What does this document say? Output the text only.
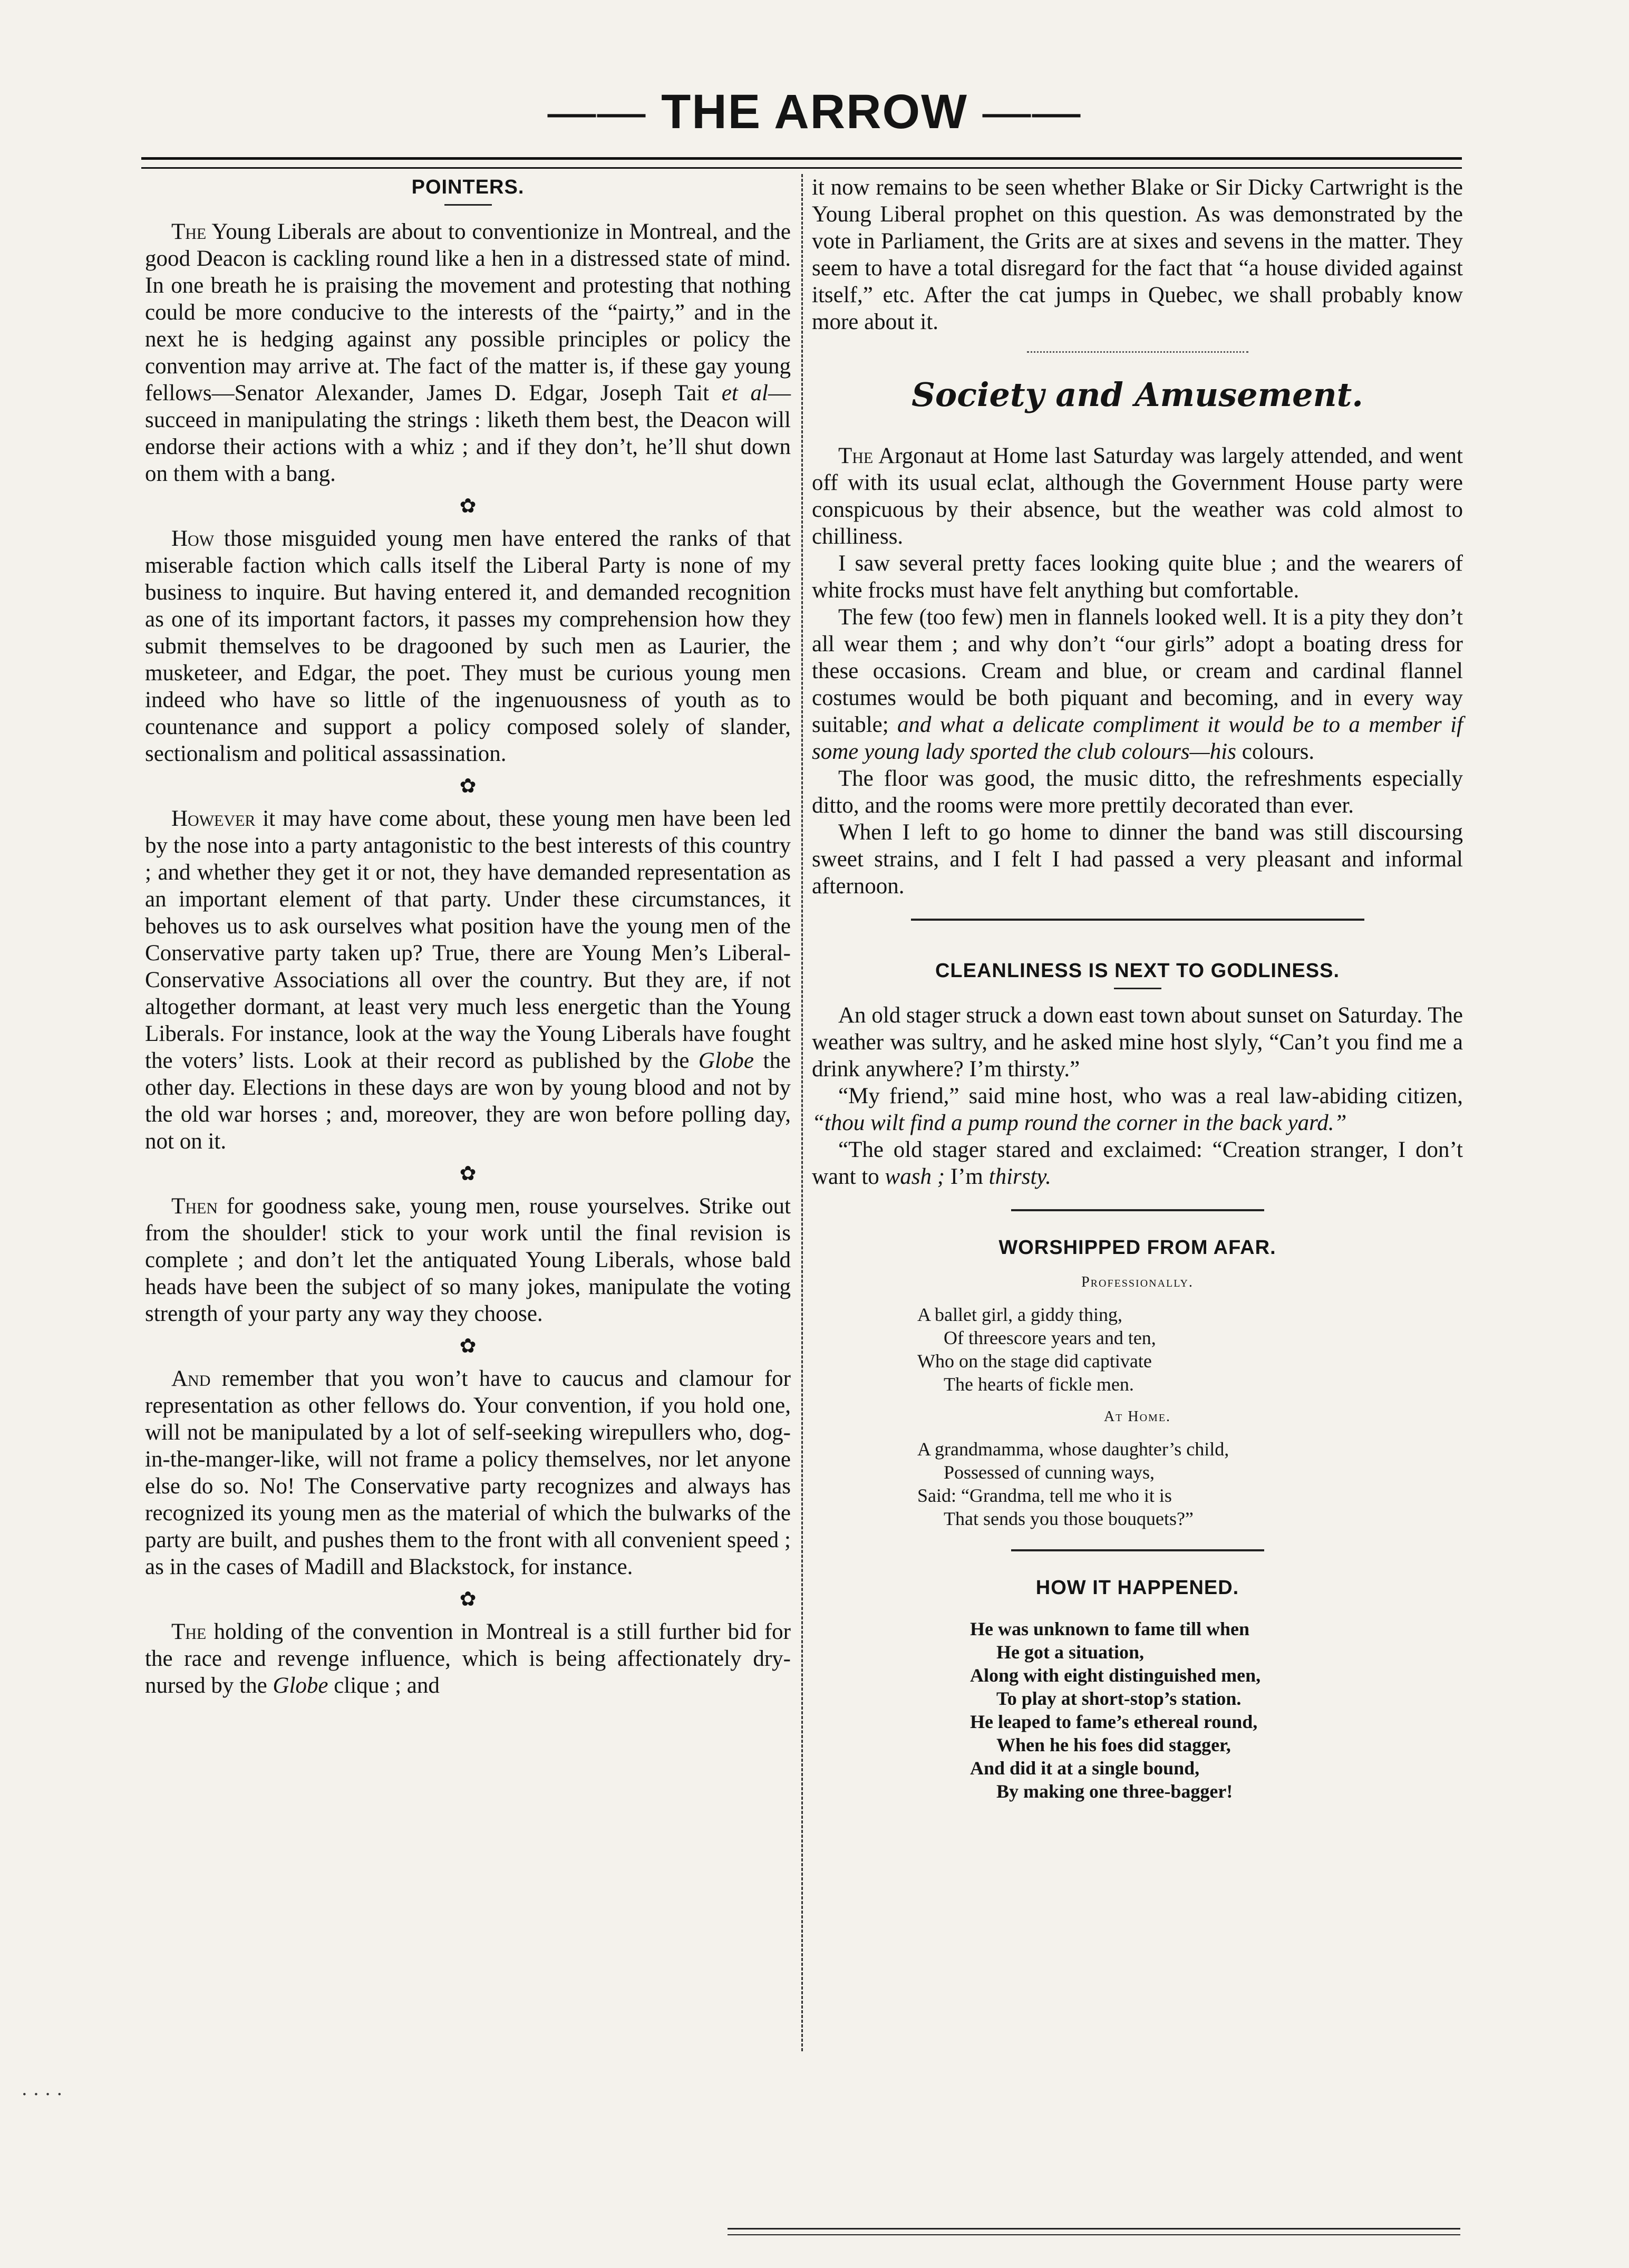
—— THE ARROW ——
POINTERS.

The Young Liberals are about to conventionize in Montreal, and the good Deacon is cackling round like a hen in a distressed state of mind. In one breath he is praising the movement and protesting that nothing could be more conducive to the interests of the “pairty,” and in the next he is hedging against any possible principles or policy the convention may arrive at. The fact of the matter is, if these gay young fellows—Senator Alexander, James D. Edgar, Joseph Tait et al—succeed in manipulating the strings : liketh them best, the Deacon will endorse their actions with a whiz ; and if they don’t, he’ll shut down on them with a bang.

✿

How those misguided young men have entered the ranks of that miserable faction which calls itself the Liberal Party is none of my business to inquire. But having entered it, and demanded recognition as one of its important factors, it passes my comprehension how they submit themselves to be dragooned by such men as Laurier, the musketeer, and Edgar, the poet. They must be curious young men indeed who have so little of the ingenuousness of youth as to countenance and support a policy composed solely of slander, sectionalism and political assassination.

✿

However it may have come about, these young men have been led by the nose into a party antagonistic to the best interests of this country ; and whether they get it or not, they have demanded representation as an important element of that party. Under these circumstances, it behoves us to ask ourselves what position have the young men of the Conservative party taken up? True, there are Young Men’s Liberal-Conservative Associations all over the country. But they are, if not altogether dormant, at least very much less energetic than the Young Liberals. For instance, look at the way the Young Liberals have fought the voters’ lists. Look at their record as published by the Globe the other day. Elections in these days are won by young blood and not by the old war horses ; and, moreover, they are won before polling day, not on it.

✿

Then for goodness sake, young men, rouse yourselves. Strike out from the shoulder! stick to your work until the final revision is complete ; and don’t let the antiquated Young Liberals, whose bald heads have been the subject of so many jokes, manipulate the voting strength of your party any way they choose.

✿

And remember that you won’t have to caucus and clamour for representation as other fellows do. Your convention, if you hold one, will not be manipulated by a lot of self-seeking wirepullers who, dog-in-the-manger-like, will not frame a policy themselves, nor let anyone else do so. No! The Conservative party recognizes and always has recognized its young men as the material of which the bulwarks of the party are built, and pushes them to the front with all convenient speed ; as in the cases of Madill and Blackstock, for instance.

✿

The holding of the convention in Montreal is a still further bid for the race and revenge influence, which is being affectionately dry-nursed by the Globe clique ; and

it now remains to be seen whether Blake or Sir Dicky Cartwright is the Young Liberal prophet on this question. As was demonstrated by the vote in Parliament, the Grits are at sixes and sevens in the matter. They seem to have a total disregard for the fact that “a house divided against itself,” etc. After the cat jumps in Quebec, we shall probably know more about it.

Society and Amusement.

The Argonaut at Home last Saturday was largely attended, and went off with its usual eclat, although the Government House party were conspicuous by their absence, but the weather was cold almost to chilliness.

I saw several pretty faces looking quite blue ; and the wearers of white frocks must have felt anything but comfortable.

The few (too few) men in flannels looked well. It is a pity they don’t all wear them ; and why don’t “our girls” adopt a boating dress for these occasions. Cream and blue, or cream and cardinal flannel costumes would be both piquant and becoming, and in every way suitable; and what a delicate compliment it would be to a member if some young lady sported the club colours—his colours.

The floor was good, the music ditto, the refreshments especially ditto, and the rooms were more prettily decorated than ever.

When I left to go home to dinner the band was still discoursing sweet strains, and I felt I had passed a very pleasant and informal afternoon.

CLEANLINESS IS NEXT TO GODLINESS.

An old stager struck a down east town about sunset on Saturday. The weather was sultry, and he asked mine host slyly, “Can’t you find me a drink anywhere? I’m thirsty.”

“My friend,” said mine host, who was a real law-abiding citizen, “thou wilt find a pump round the corner in the back yard.”

“The old stager stared and exclaimed: “Creation stranger, I don’t want to wash ; I’m thirsty.

WORSHIPPED FROM AFAR.
Professionally.
A ballet girl, a giddy thing,
Of threescore years and ten,
Who on the stage did captivate
The hearts of fickle men.
At Home.
A grandmamma, whose daughter’s child,
Possessed of cunning ways,
Said: “Grandma, tell me who it is
That sends you those bouquets?”
HOW IT HAPPENED.
He was unknown to fame till when
He got a situation,
Along with eight distinguished men,
To play at short-stop’s station.
He leaped to fame’s ethereal round,
When he his foes did stagger,
And did it at a single bound,
By making one three-bagger!
· · · ·
